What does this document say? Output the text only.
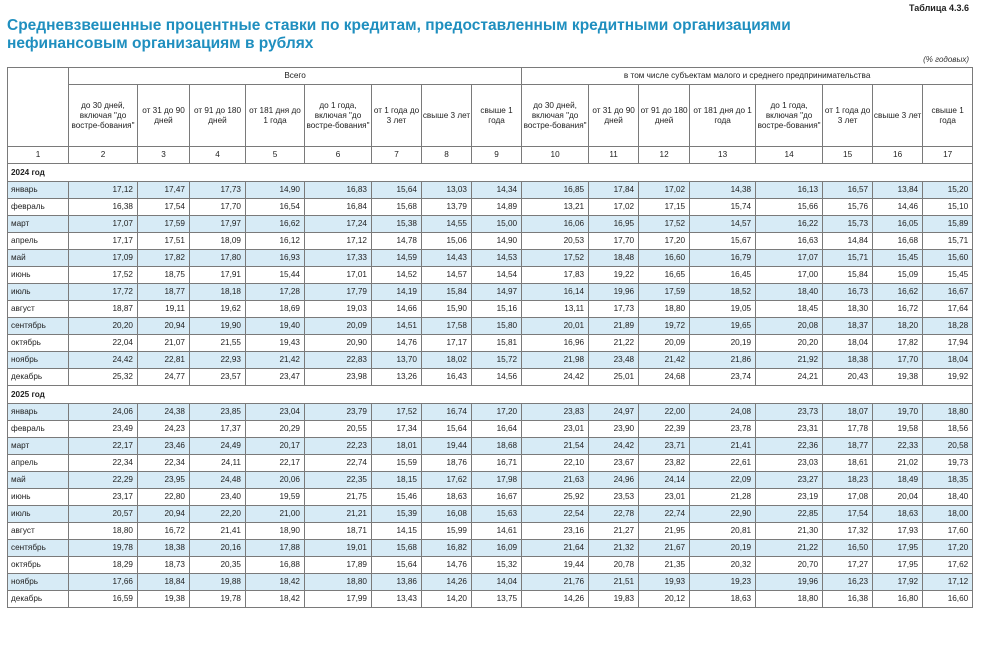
Таблица 4.3.6
Средневзвешенные процентные ставки по кредитам, предоставленным кредитными организациями нефинансовым организациям в рублях
(% годовых)
	Всего								в том числе субъектам малого и среднего предпринимательства							
	до 30 дней, включая "до востре-бования"	от 31 до 90 дней	от 91 до 180 дней	от 181 дня до 1 года	до 1 года, включая "до востре-бования"	от 1 года до 3 лет	свыше 3 лет	свыше 1 года	до 30 дней, включая "до востре-бования"	от 31 до 90 дней	от 91 до 180 дней	от 181 дня до 1 года	до 1 года, включая "до востре-бования"	от 1 года до 3 лет	свыше 3 лет	свыше 1 года
1	2	3	4	5	6	7	8	9	10	11	12	13	14	15	16	17
2024 год																
январь	17,12	17,47	17,73	14,90	16,83	15,64	13,03	14,34	16,85	17,84	17,02	14,38	16,13	16,57	13,84	15,20
февраль	16,38	17,54	17,70	16,54	16,84	15,68	13,79	14,89	13,21	17,02	17,15	15,74	15,66	15,76	14,46	15,10
март	17,07	17,59	17,97	16,62	17,24	15,38	14,55	15,00	16,06	16,95	17,52	14,57	16,22	15,73	16,05	15,89
апрель	17,17	17,51	18,09	16,12	17,12	14,78	15,06	14,90	20,53	17,70	17,20	15,67	16,63	14,84	16,68	15,71
май	17,09	17,82	17,80	16,93	17,33	14,59	14,43	14,53	17,52	18,48	16,60	16,79	17,07	15,71	15,45	15,60
июнь	17,52	18,75	17,91	15,44	17,01	14,52	14,57	14,54	17,83	19,22	16,65	16,45	17,00	15,84	15,09	15,45
июль	17,72	18,77	18,18	17,28	17,79	14,19	15,84	14,97	16,14	19,96	17,59	18,52	18,40	16,73	16,62	16,67
август	18,87	19,11	19,62	18,69	19,03	14,66	15,90	15,16	13,11	17,73	18,80	19,05	18,45	18,30	16,72	17,64
сентябрь	20,20	20,94	19,90	19,40	20,09	14,51	17,58	15,80	20,01	21,89	19,72	19,65	20,08	18,37	18,20	18,28
октябрь	22,04	21,07	21,55	19,43	20,90	14,76	17,17	15,81	16,96	21,22	20,09	20,19	20,20	18,04	17,82	17,94
ноябрь	24,42	22,81	22,93	21,42	22,83	13,70	18,02	15,72	21,98	23,48	21,42	21,86	21,92	18,38	17,70	18,04
декабрь	25,32	24,77	23,57	23,47	23,98	13,26	16,43	14,56	24,42	25,01	24,68	23,74	24,21	20,43	19,38	19,92
2025 год																
январь	24,06	24,38	23,85	23,04	23,79	17,52	16,74	17,20	23,83	24,97	22,00	24,08	23,73	18,07	19,70	18,80
февраль	23,49	24,23	17,37	20,29	20,55	17,34	15,64	16,64	23,01	23,90	22,39	23,78	23,31	17,78	19,58	18,56
март	22,17	23,46	24,49	20,17	22,23	18,01	19,44	18,68	21,54	24,42	23,71	21,41	22,36	18,77	22,33	20,58
апрель	22,34	22,34	24,11	22,17	22,74	15,59	18,76	16,71	22,10	23,67	23,82	22,61	23,03	18,61	21,02	19,73
май	22,29	23,95	24,48	20,06	22,35	18,15	17,62	17,98	21,63	24,96	24,14	22,09	23,27	18,23	18,49	18,35
июнь	23,17	22,80	23,40	19,59	21,75	15,46	18,63	16,67	25,92	23,53	23,01	21,28	23,19	17,08	20,04	18,40
июль	20,57	20,94	22,20	21,00	21,21	15,39	16,08	15,63	22,54	22,78	22,74	22,90	22,85	17,54	18,63	18,00
август	18,80	16,72	21,41	18,90	18,71	14,15	15,99	14,61	23,16	21,27	21,95	20,81	21,30	17,32	17,93	17,60
сентябрь	19,78	18,38	20,16	17,88	19,01	15,68	16,82	16,09	21,64	21,32	21,67	20,19	21,22	16,50	17,95	17,20
октябрь	18,29	18,73	20,35	16,88	17,89	15,64	14,76	15,32	19,44	20,78	21,35	20,32	20,70	17,27	17,95	17,62
ноябрь	17,66	18,84	19,88	18,42	18,80	13,86	14,26	14,04	21,76	21,51	19,93	19,23	19,96	16,23	17,92	17,12
декабрь	16,59	19,38	19,78	18,42	17,99	13,43	14,20	13,75	14,26	19,83	20,12	18,63	18,80	16,38	16,80	16,60
